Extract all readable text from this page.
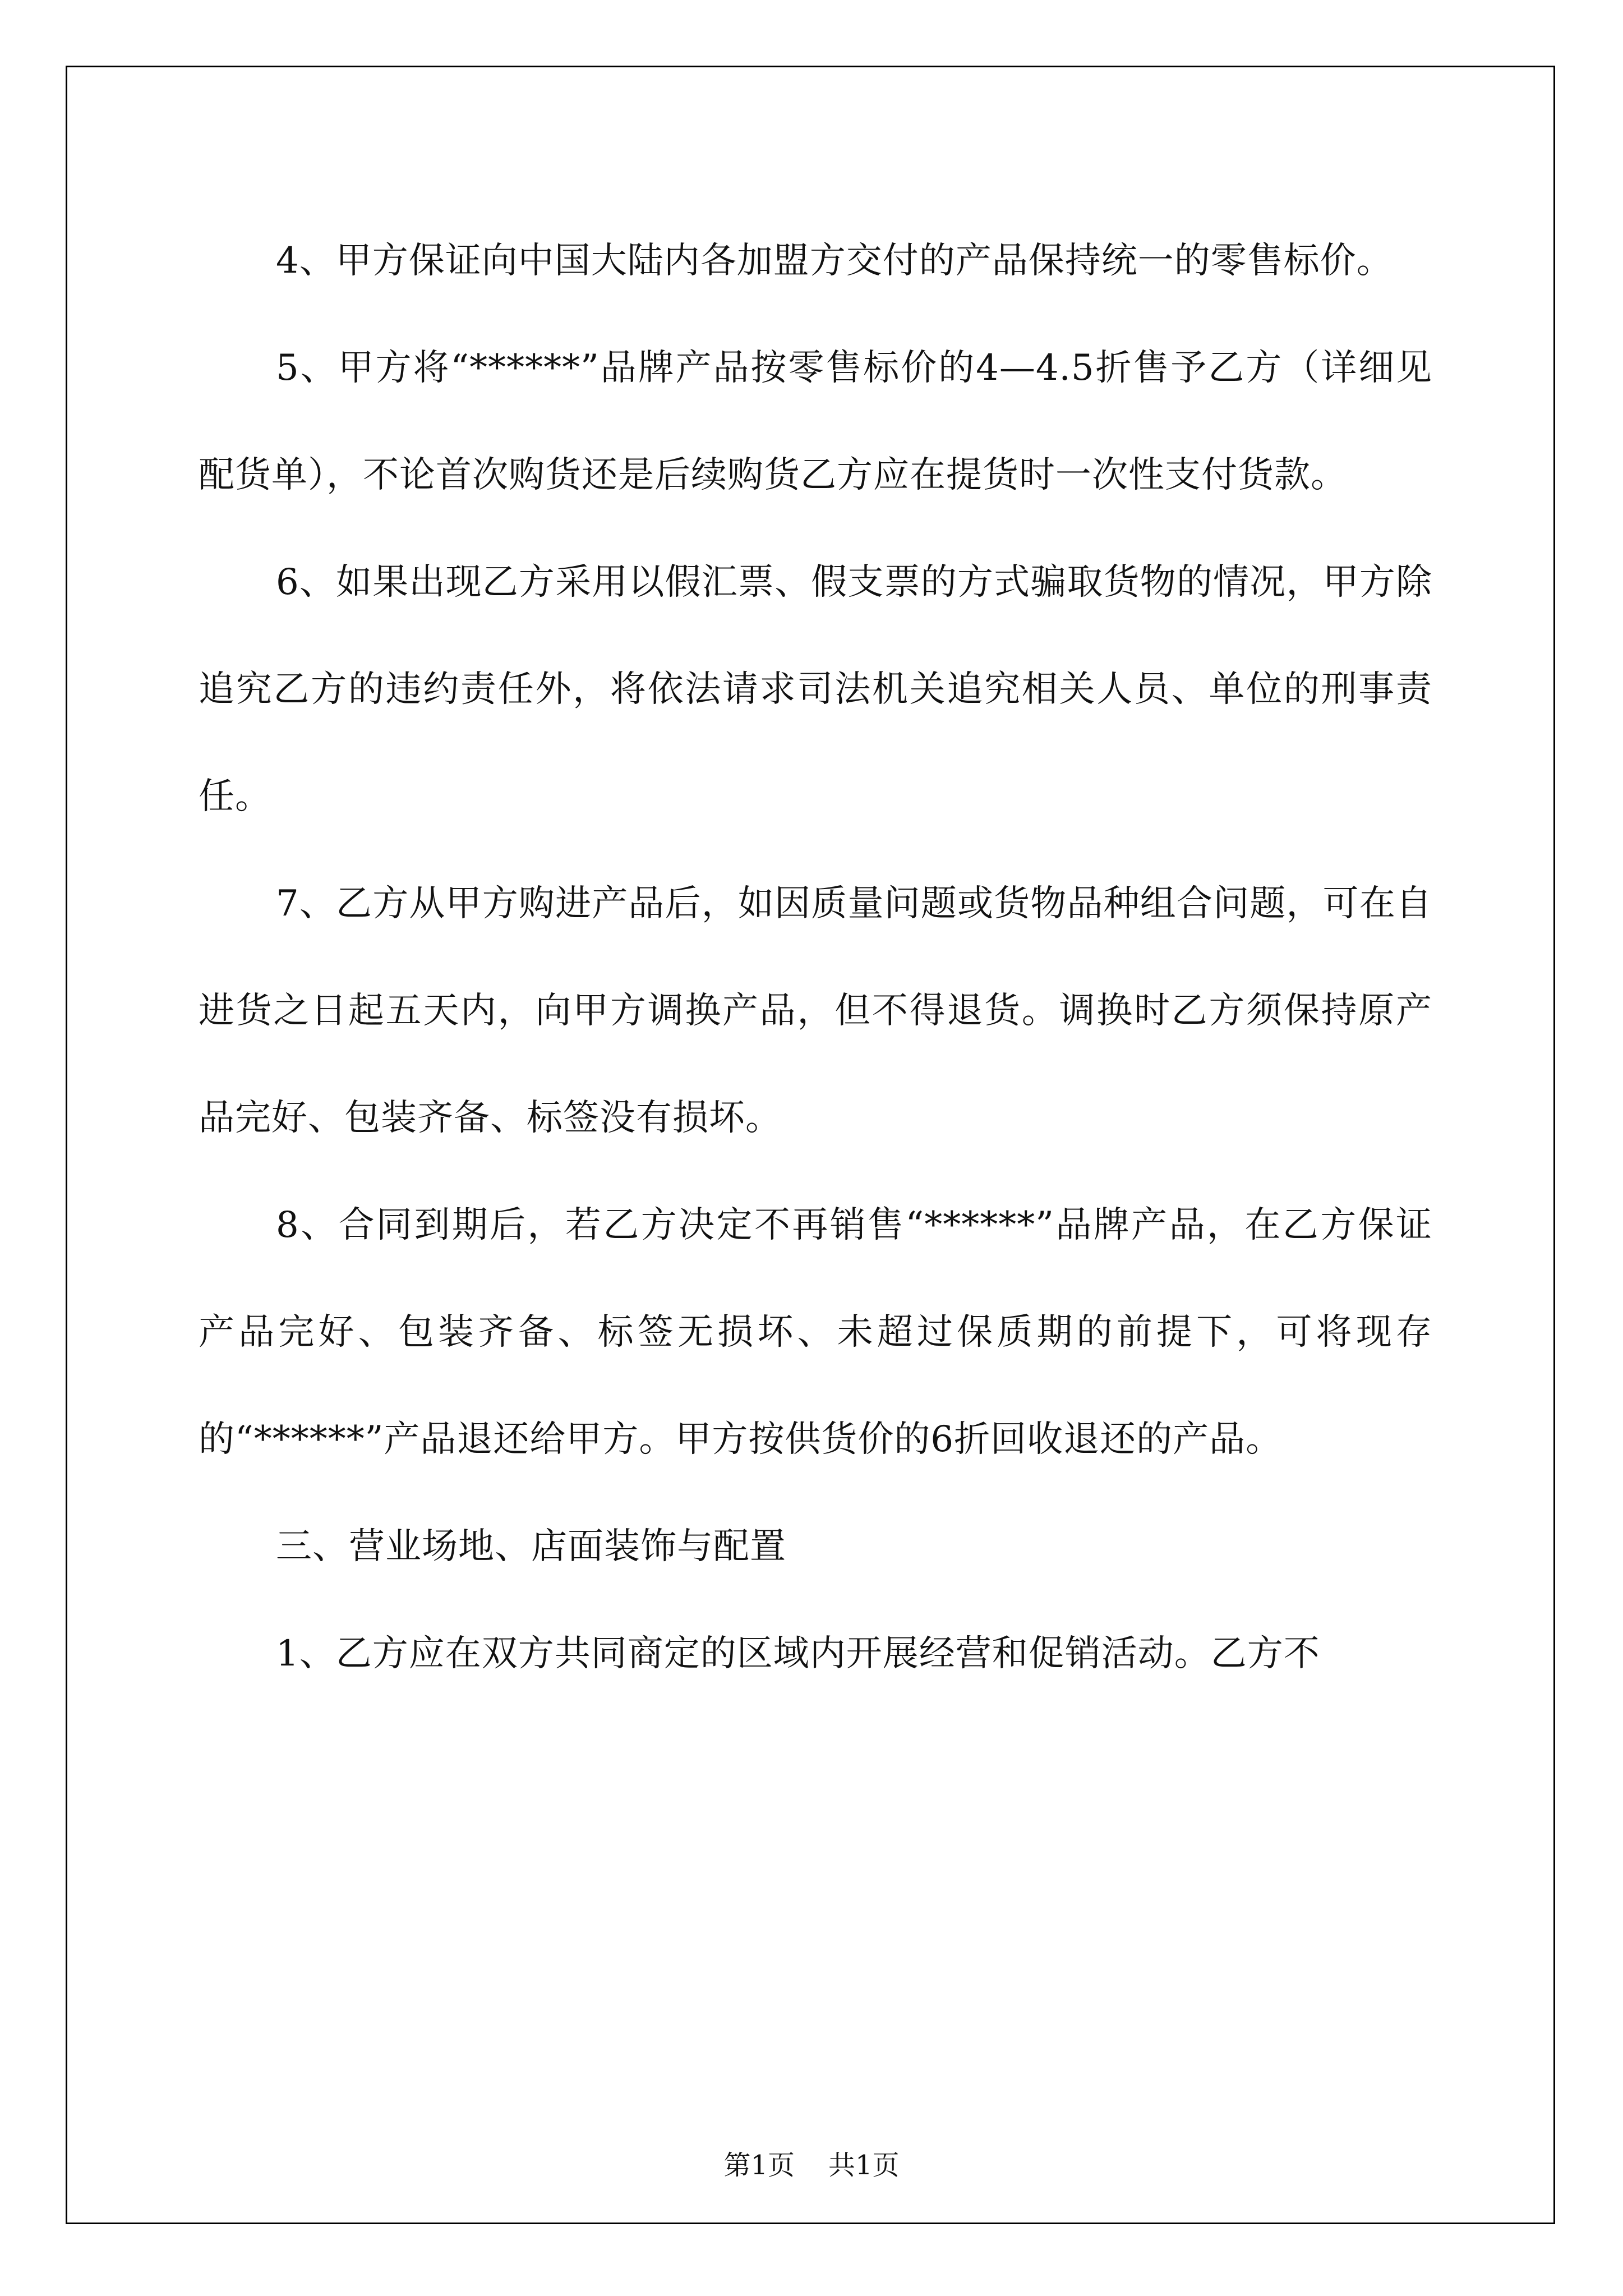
4、甲方保证向中国大陆内各加盟方交付的产品保持统一的零售标价。

5、甲方将“******”品牌产品按零售标价的4—4.5折售予乙方（详细见配货单），不论首次购货还是后续购货乙方应在提货时一次性支付货款。

6、如果出现乙方采用以假汇票、假支票的方式骗取货物的情况，甲方除追究乙方的违约责任外，将依法请求司法机关追究相关人员、单位的刑事责任。

7、乙方从甲方购进产品后，如因质量问题或货物品种组合问题，可在自进货之日起五天内，向甲方调换产品，但不得退货。调换时乙方须保持原产品完好、包装齐备、标签没有损坏。

8、合同到期后，若乙方决定不再销售“******”品牌产品，在乙方保证产品完好、包装齐备、标签无损坏、未超过保质期的前提下，可将现存的“******”产品退还给甲方。甲方按供货价的6折回收退还的产品。

三、营业场地、店面装饰与配置

1、乙方应在双方共同商定的区域内开展经营和促销活动。乙方不

第1页 共1页
